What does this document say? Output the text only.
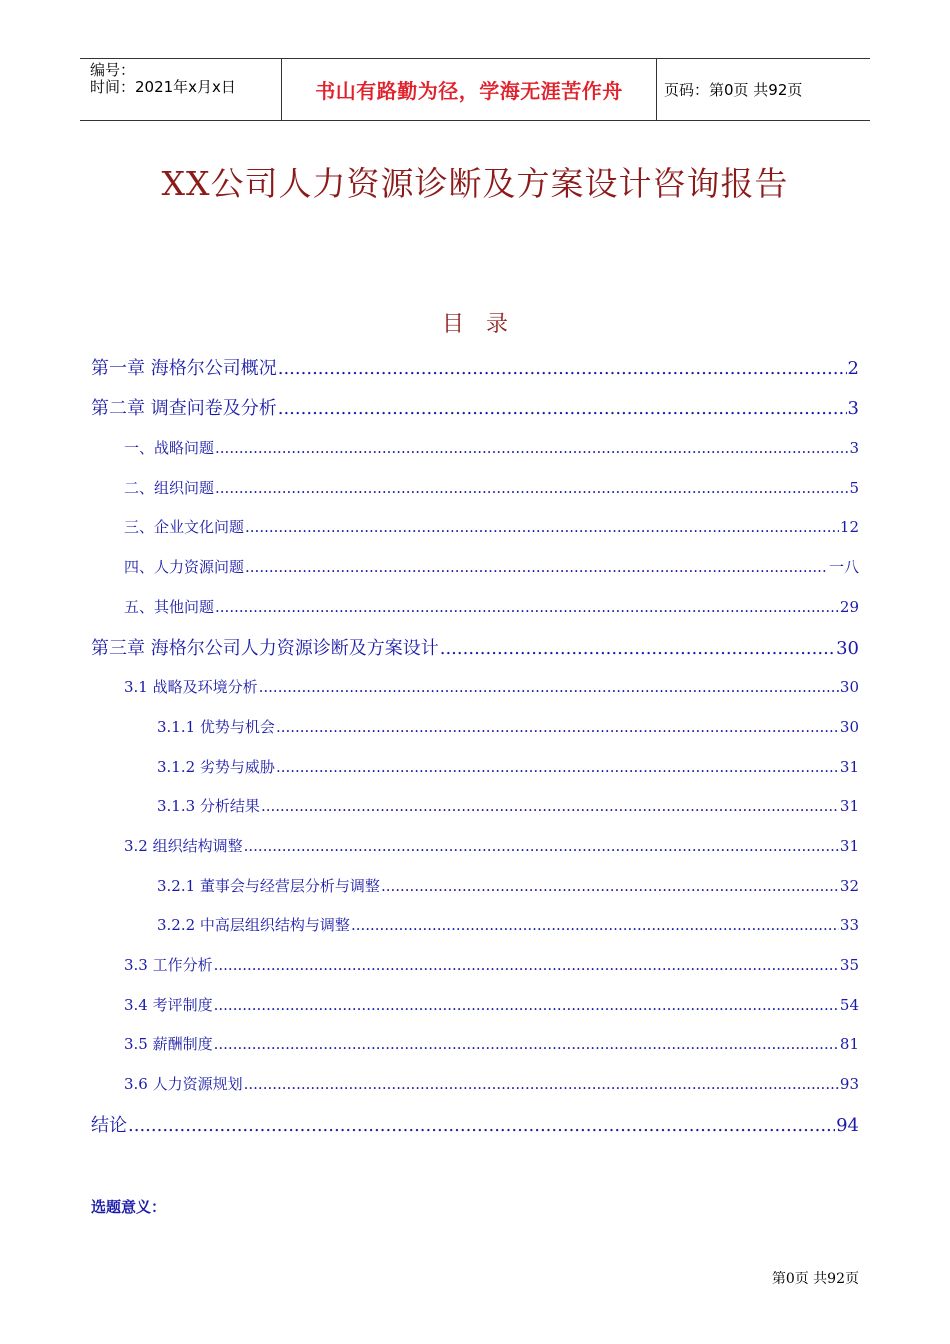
编号：
时间：2021年x月x日	书山有路勤为径，学海无涯苦作舟	页码：第0页 共92页
XX公司人力资源诊断及方案设计咨询报告
目录
第一章 海格尔公司概况 .....	2
第二章 调查问卷及分析 .....	3
一、战略问题 .....	3
二、组织问题 .....	5
三、企业文化问题 .....	12
四、人力资源问题 .....	一八
五、其他问题 .....	29
第三章 海格尔公司人力资源诊断及方案设计 .....	30
3.1 战略及环境分析 .....	30
3.1.1 优势与机会 .....	30
3.1.2 劣势与威胁 .....	31
3.1.3 分析结果 .....	31
3.2 组织结构调整 .....	31
3.2.1 董事会与经营层分析与调整 .....	32
3.2.2 中高层组织结构与调整 .....	33
3.3 工作分析 .....	35
3.4 考评制度 .....	54
3.5 薪酬制度 .....	81
3.6 人力资源规划 .....	93
结论 .....	94
选题意义：
第0页 共92页
